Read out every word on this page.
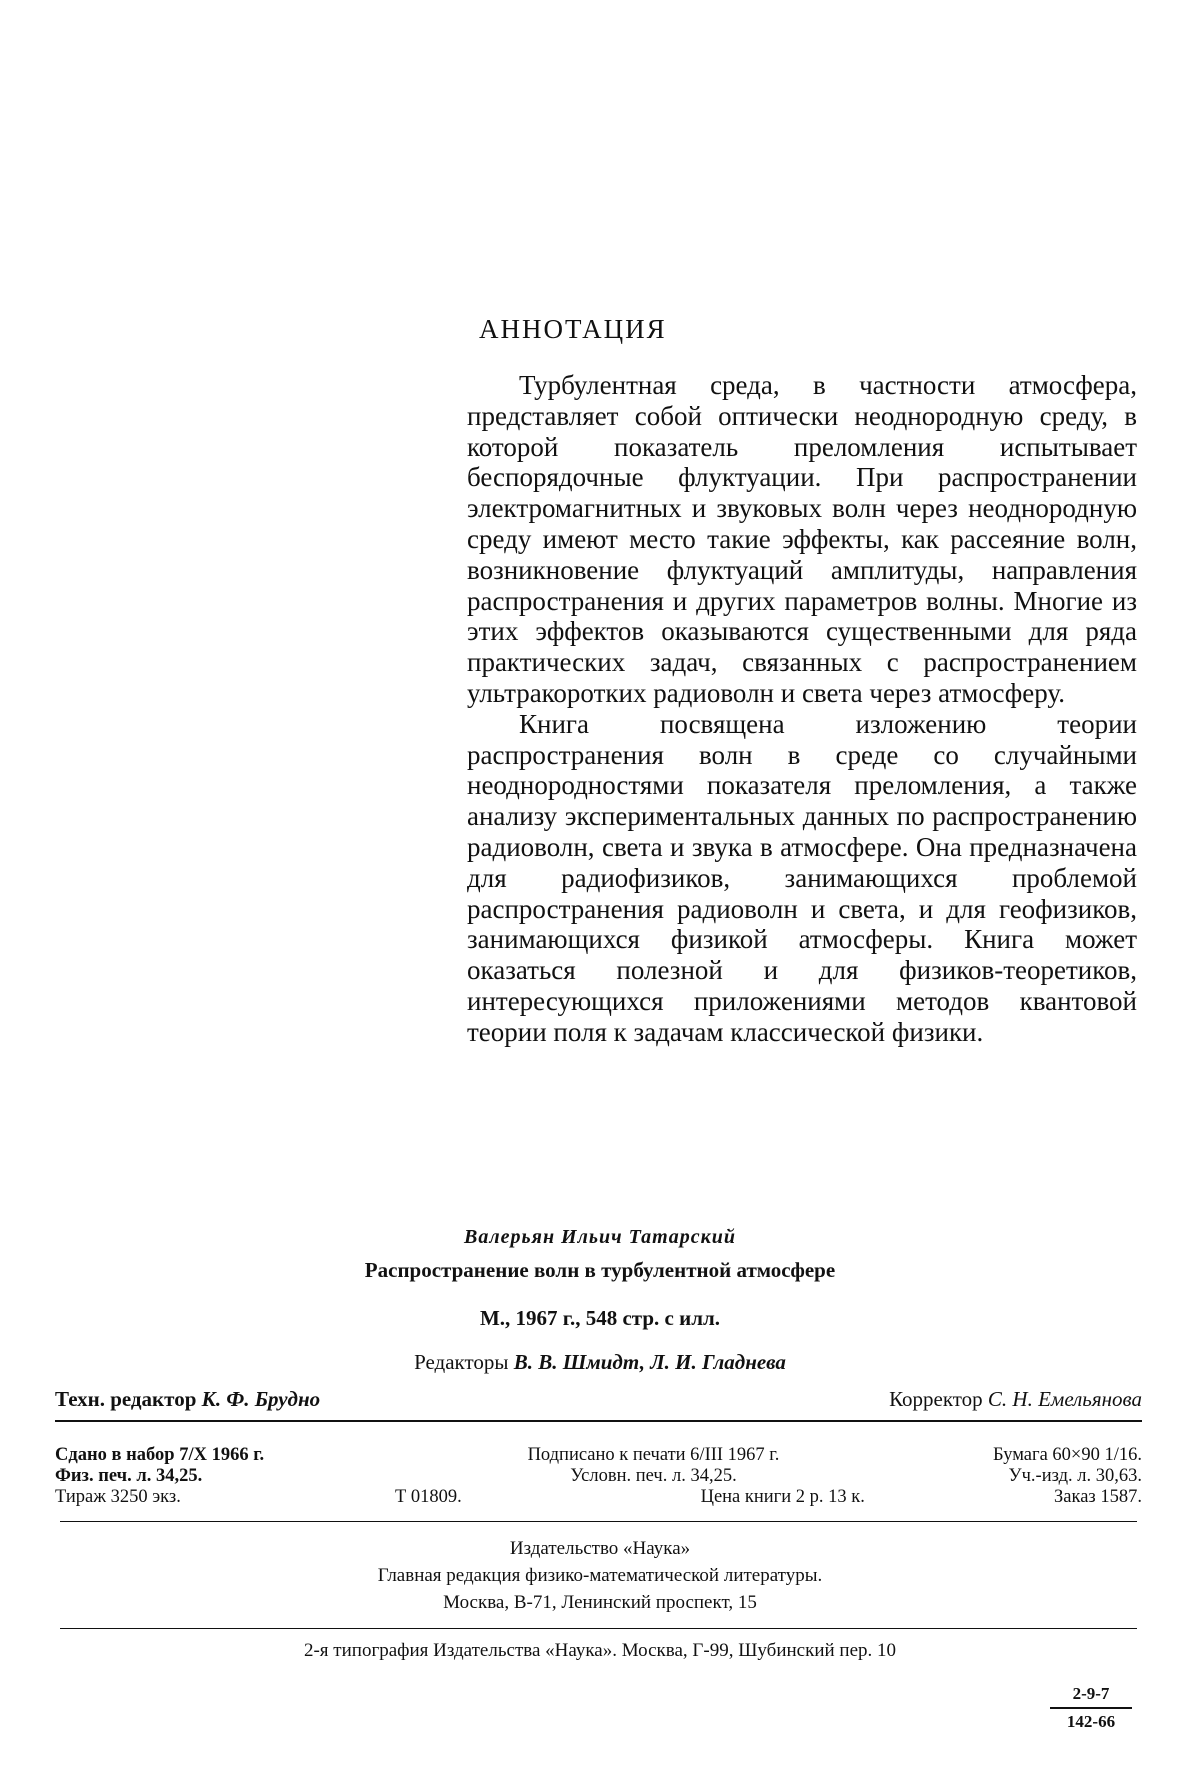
АННОТАЦИЯ

Турбулентная среда, в частности атмосфера, представляет собой оптически неоднородную среду, в которой показатель преломления испытывает беспорядочные флуктуации. При распространении электромагнитных и звуковых волн через неоднородную среду имеют место такие эффекты, как рассеяние волн, возникновение флуктуаций амплитуды, направления распространения и других параметров волны. Многие из этих эффектов оказываются существенными для ряда практических задач, связанных с распространением ультракоротких радиоволн и света через атмосферу.

Книга посвящена изложению теории распространения волн в среде со случайными неоднородностями показателя преломления, а также анализу экспериментальных данных по распространению радиоволн, света и звука в атмосфере. Она предназначена для радиофизиков, занимающихся проблемой распространения радиоволн и света, и для геофизиков, занимающихся физикой атмосферы. Книга может оказаться полезной и для физиков-теоретиков, интересующихся приложениями методов квантовой теории поля к задачам классической физики.

Валерьян Ильич Татарский
Распространение волн в турбулентной атмосфере
М., 1967 г., 548 стр. с илл.
Редакторы В. В. Шмидт, Л. И. Гладнева
Техн. редактор К. Ф. Брудно	Корректор С. Н. Емельянова
Сдано в набор 7/X 1966 г.	Подписано к печати 6/III 1967 г.	Бумага 60×90 1/16.
Физ. печ. л. 34,25.	Условн. печ. л. 34,25.	Уч.-изд. л. 30,63.
Тираж 3250 экз.	Т 01809.	Цена книги 2 р. 13 к.	Заказ 1587.
Издательство «Наука»
Главная редакция физико-математической литературы.
Москва, В-71, Ленинский проспект, 15
2-я типография Издательства «Наука». Москва, Г-99, Шубинский пер. 10
2-9-7
142-66
